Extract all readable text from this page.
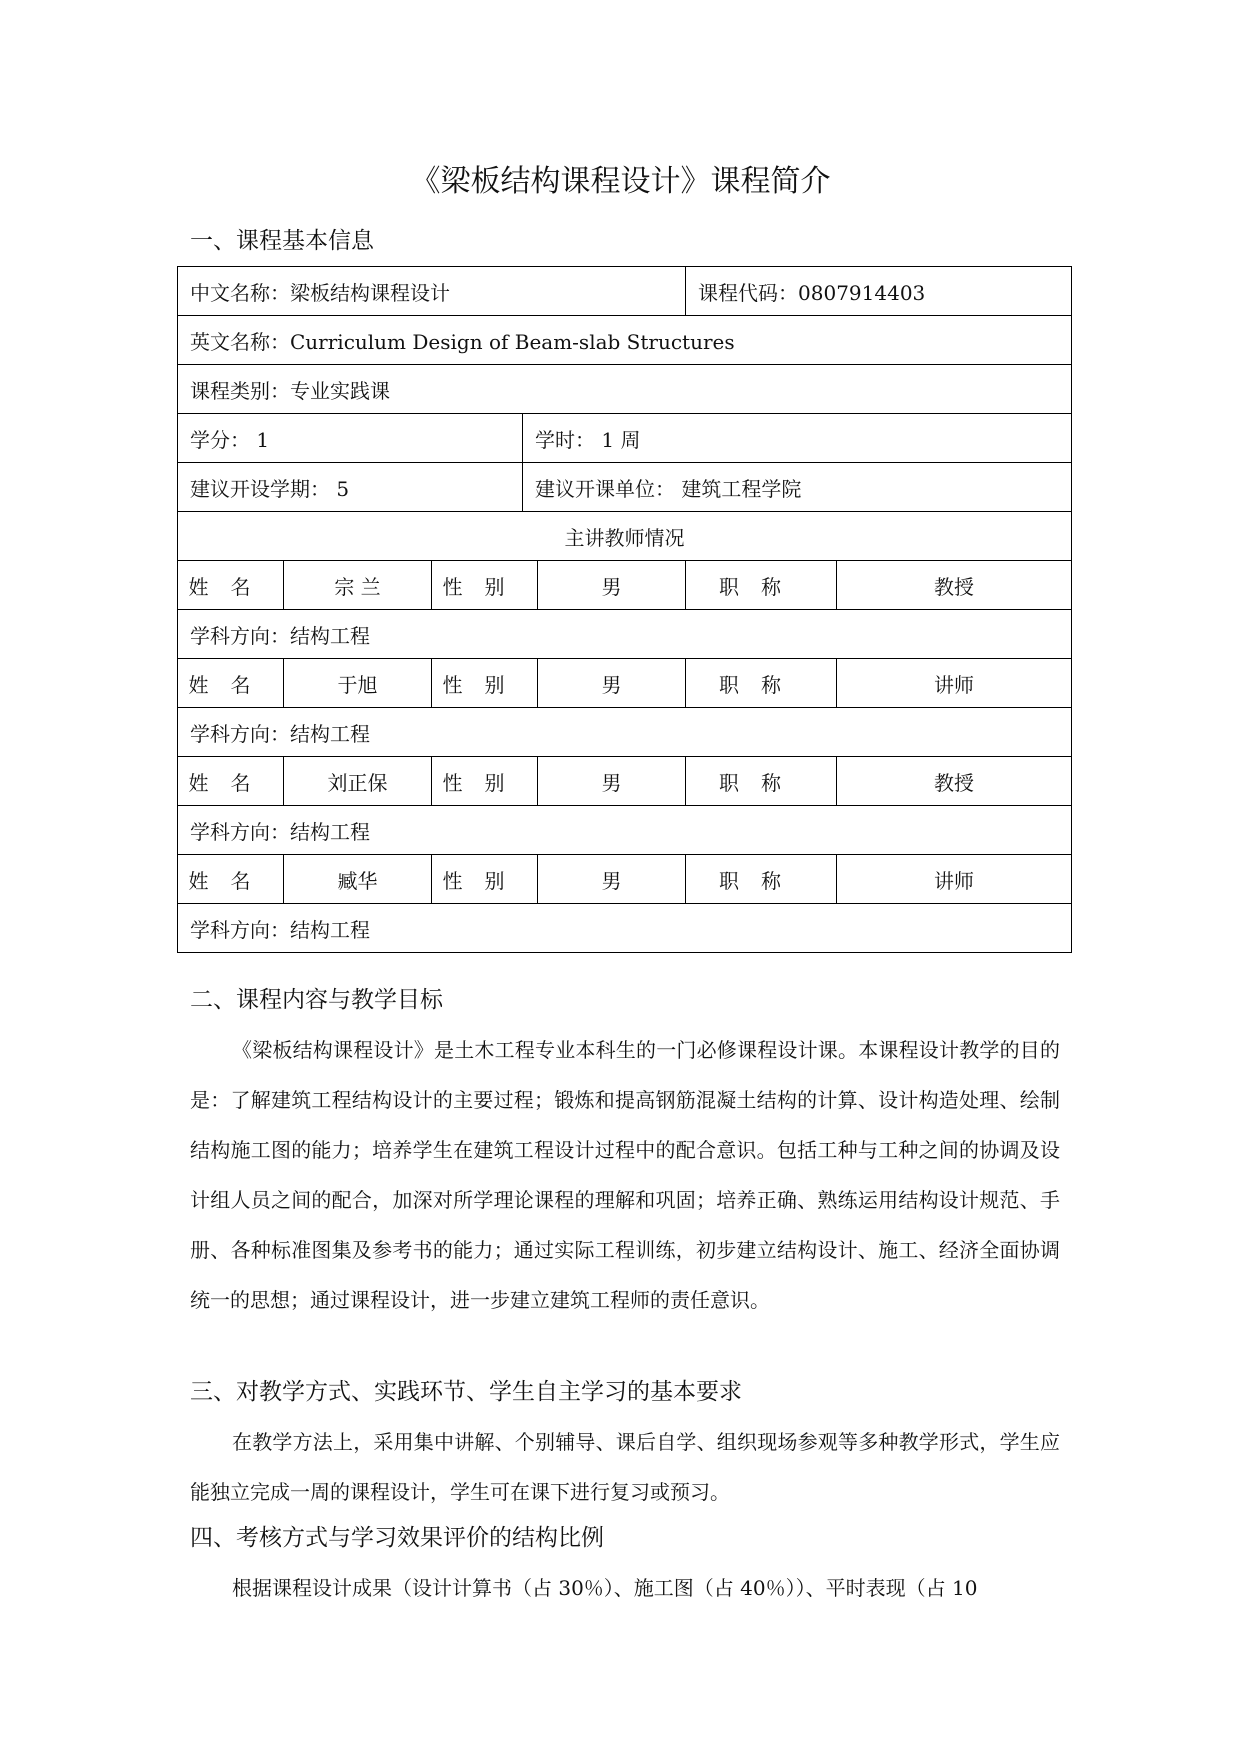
《梁板结构课程设计》课程简介
一、课程基本信息
中文名称：梁板结构课程设计					课程代码：0807914403	
英文名称：Curriculum Design of Beam-slab Structures						
课程类别：专业实践课						
学分： 1			学时： 1 周			
建议开设学期： 5			建议开课单位： 建筑工程学院			
主讲教师情况						
姓名	宗 兰	性别		男	职称	教授
学科方向：结构工程						
姓名	于旭	性别		男	职称	讲师
学科方向：结构工程						
姓名	刘正保	性别		男	职称	教授
学科方向：结构工程						
姓名	臧华	性别		男	职称	讲师
学科方向：结构工程						
二、课程内容与教学目标

《梁板结构课程设计》是土木工程专业本科生的一门必修课程设计课。本课程设计教学的目的是：了解建筑工程结构设计的主要过程；锻炼和提高钢筋混凝土结构的计算、设计构造处理、绘制结构施工图的能力；培养学生在建筑工程设计过程中的配合意识。包括工种与工种之间的协调及设计组人员之间的配合，加深对所学理论课程的理解和巩固；培养正确、熟练运用结构设计规范、手册、各种标准图集及参考书的能力；通过实际工程训练，初步建立结构设计、施工、经济全面协调统一的思想；通过课程设计，进一步建立建筑工程师的责任意识。

三、对教学方式、实践环节、学生自主学习的基本要求

在教学方法上，采用集中讲解、个别辅导、课后自学、组织现场参观等多种教学形式，学生应能独立完成一周的课程设计，学生可在课下进行复习或预习。

四、考核方式与学习效果评价的结构比例

根据课程设计成果（设计计算书（占 30％）、施工图（占 40％））、平时表现（占 10
